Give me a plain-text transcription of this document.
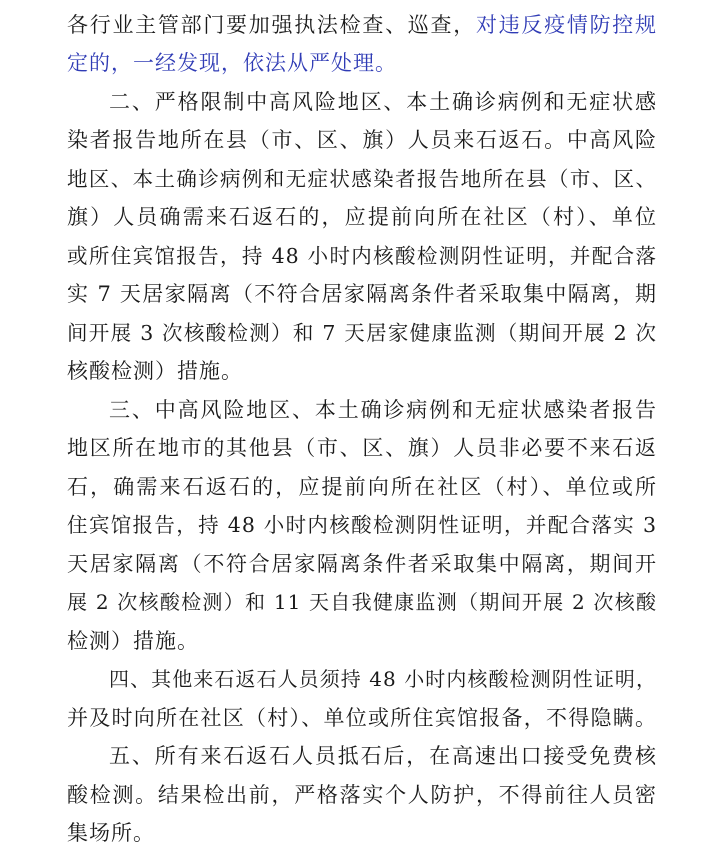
各行业主管部门要加强执法检查、巡查，对违反疫情防控规
定的，一经发现，依法从严处理。
二、严格限制中高风险地区、本土确诊病例和无症状感
染者报告地所在县（市、区、旗）人员来石返石。中高风险
地区、本土确诊病例和无症状感染者报告地所在县（市、区、
旗）人员确需来石返石的，应提前向所在社区（村）、单位
或所住宾馆报告，持 48 小时内核酸检测阴性证明，并配合落
实 7 天居家隔离（不符合居家隔离条件者采取集中隔离，期
间开展 3 次核酸检测）和 7 天居家健康监测（期间开展 2 次
核酸检测）措施。
三、中高风险地区、本土确诊病例和无症状感染者报告
地区所在地市的其他县（市、区、旗）人员非必要不来石返
石，确需来石返石的，应提前向所在社区（村）、单位或所
住宾馆报告，持 48 小时内核酸检测阴性证明，并配合落实 3
天居家隔离（不符合居家隔离条件者采取集中隔离，期间开
展 2 次核酸检测）和 11 天自我健康监测（期间开展 2 次核酸
检测）措施。
四、其他来石返石人员须持 48 小时内核酸检测阴性证明，
并及时向所在社区（村）、单位或所住宾馆报备，不得隐瞒。
五、所有来石返石人员抵石后，在高速出口接受免费核
酸检测。结果检出前，严格落实个人防护，不得前往人员密
集场所。
